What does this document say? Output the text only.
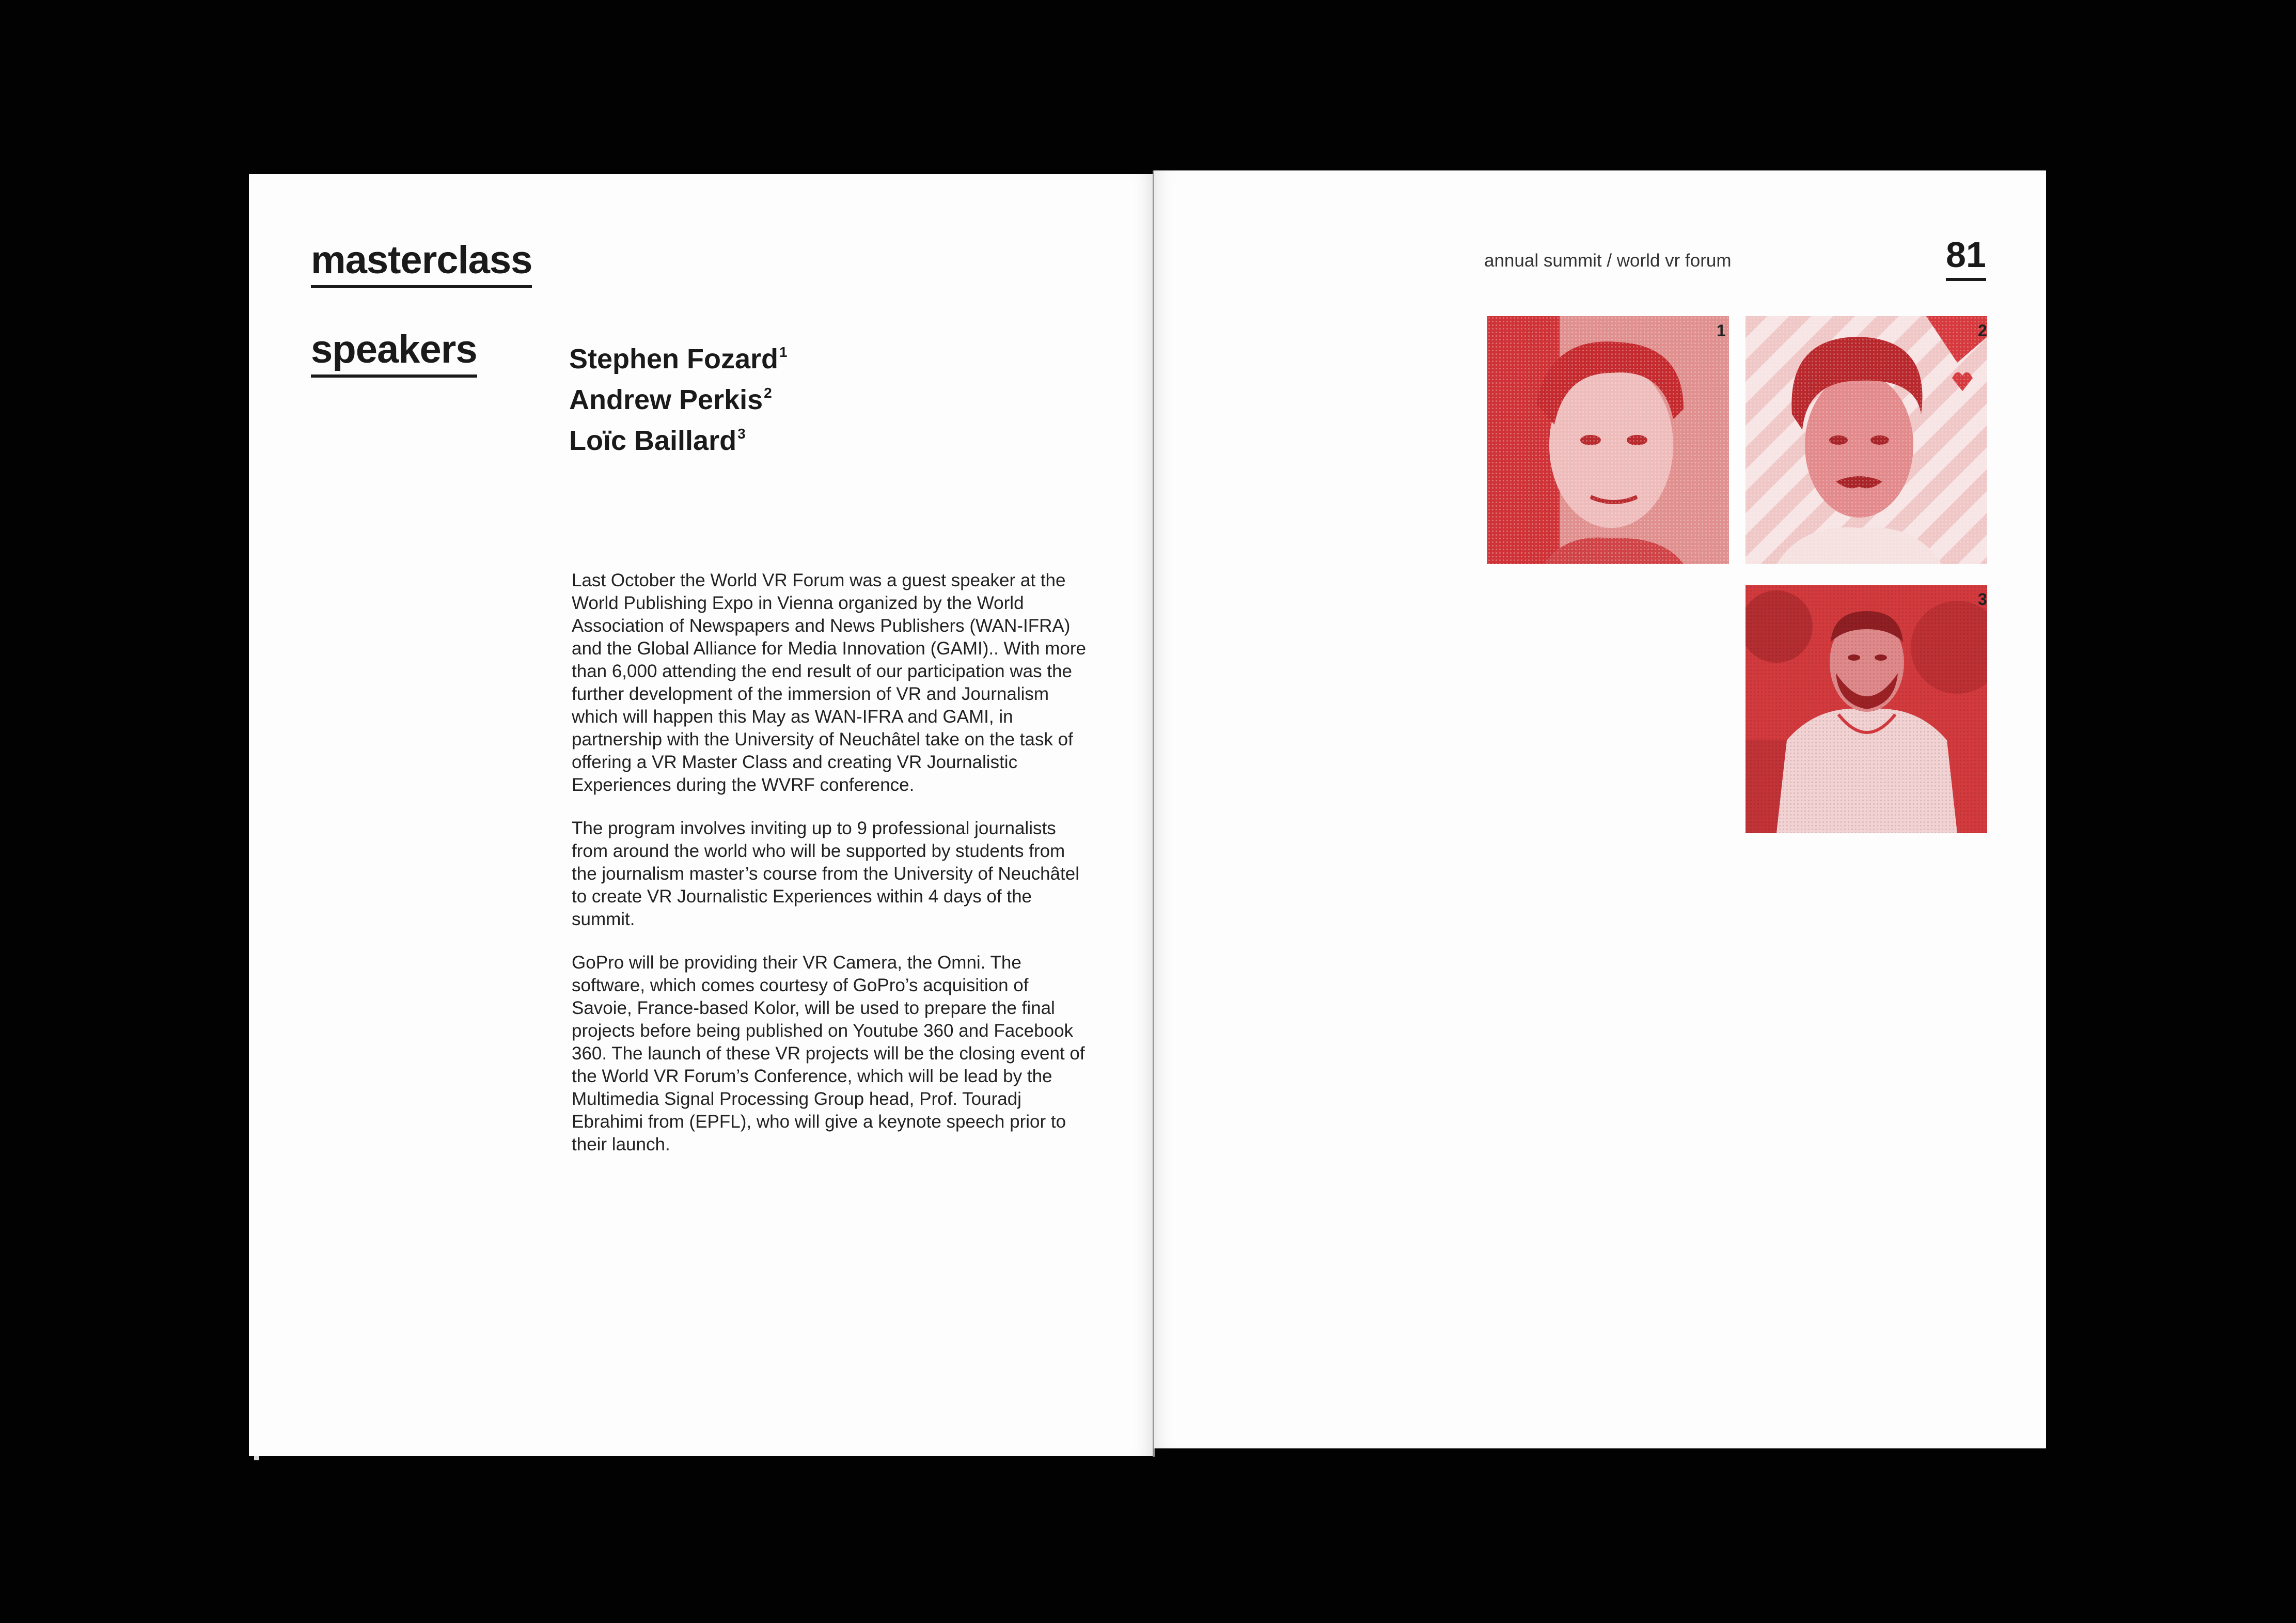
masterclass
speakers	Stephen Fozard$^1$
Andrew Perkis$^2$
Loïc Baillard$^3$

Last October the World VR Forum was a guest speaker at the World Publishing Expo in Vienna organized by the World Association of Newspapers and News Publishers (WAN-IFRA) and the Global Alliance for Media Innovation (GAMI).. With more than 6,000 attending the end result of our participation was the further development of the immersion of VR and Journalism which will happen this May as WAN-IFRA and GAMI, in partnership with the University of Neuchâtel take on the task of offering a VR Master Class and creating VR Journalistic Experiences during the WVRF conference.

The program involves inviting up to 9 professional journalists from around the world who will be supported by students from the journalism master’s course from the University of Neuchâtel to create VR Journalistic Experiences within 4 days of the summit.

GoPro will be providing their VR Camera, the Omni. The software, which comes courtesy of GoPro’s acquisition of Savoie, France-based Kolor, will be used to prepare the final projects before being published on Youtube 360 and Facebook 360. The launch of these VR projects will be the closing event of the World VR Forum’s Conference, which will be lead by the Multimedia Signal Processing Group head, Prof. Touradj Ebrahimi from (EPFL), who will give a keynote speech prior to their launch.

annual summit / world vr forum	81
1	2
3
